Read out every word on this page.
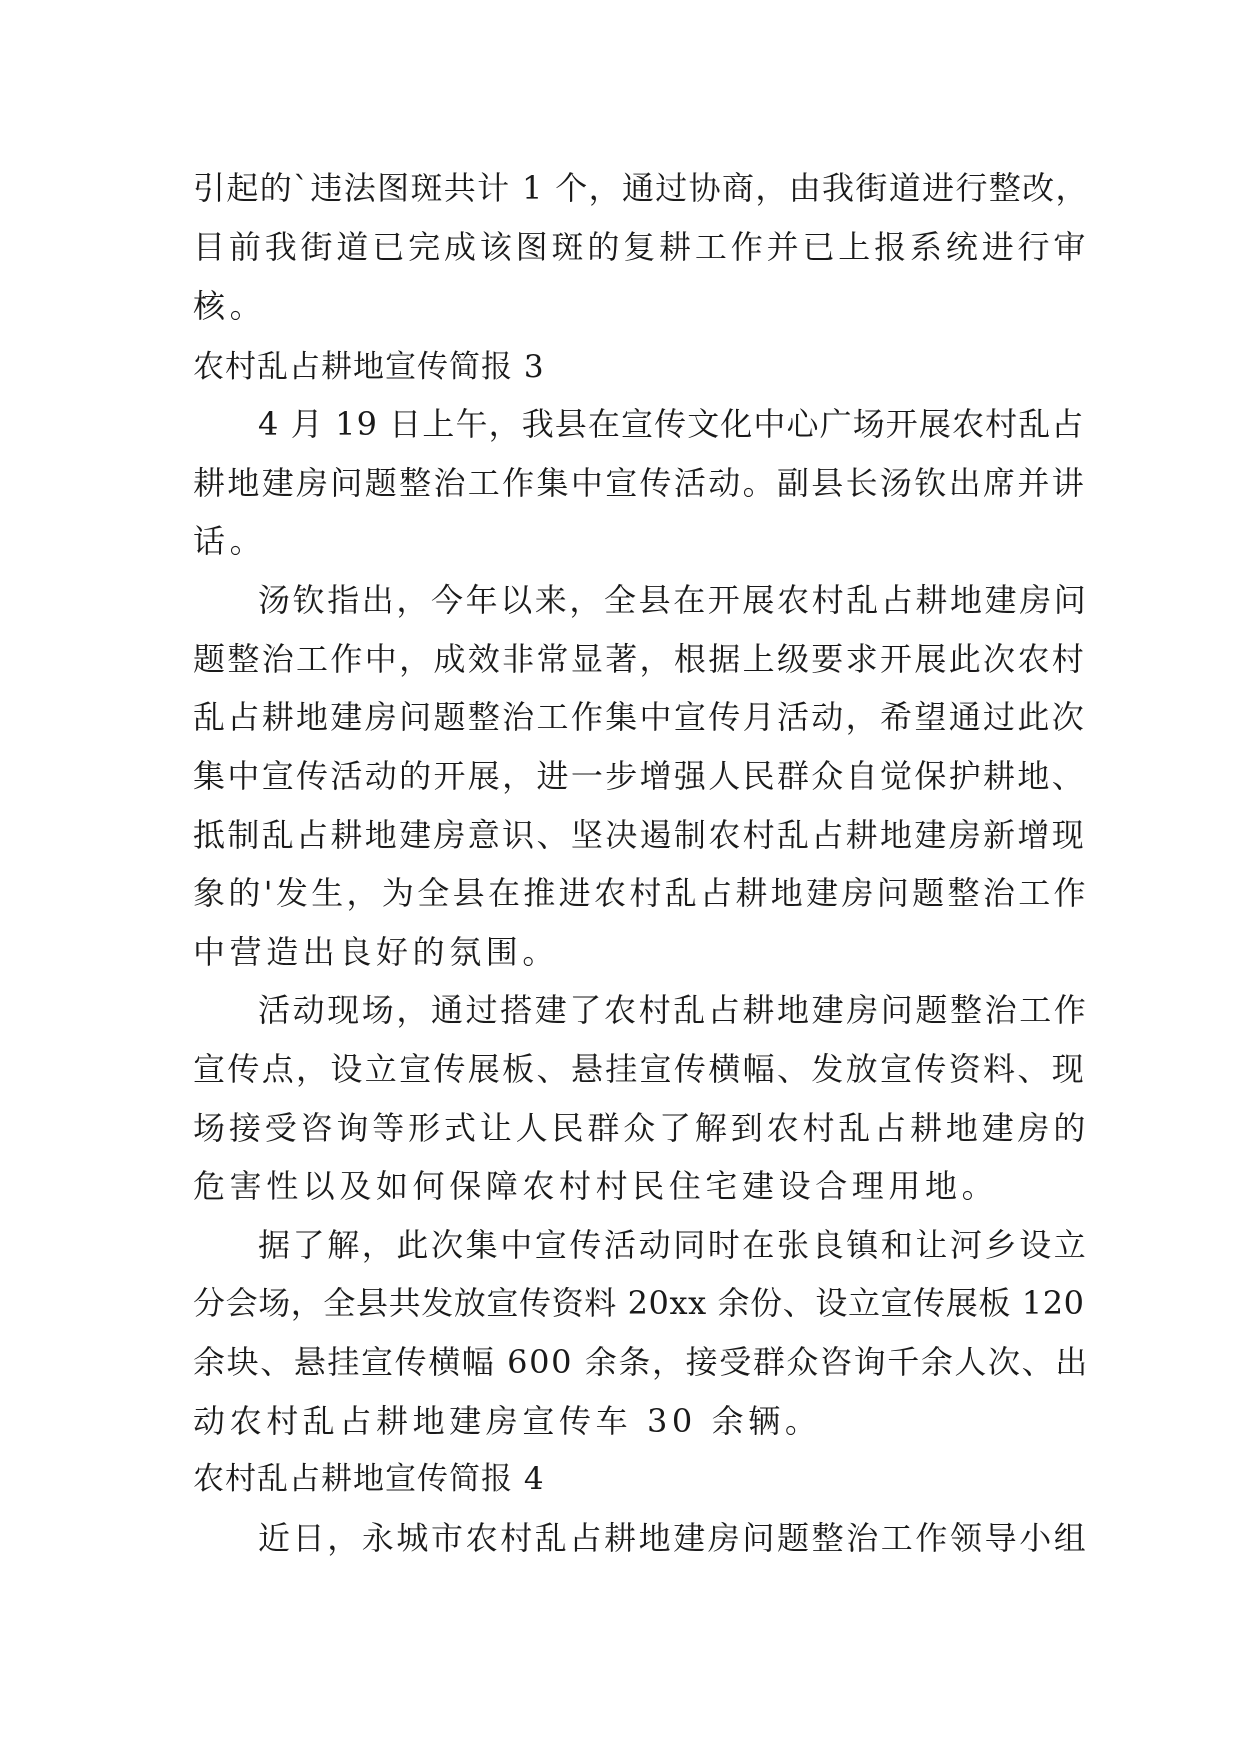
引起的`违法图斑共计 1 个，通过协商，由我街道进行整改，
目前我街道已完成该图斑的复耕工作并已上报系统进行审
核。
农村乱占耕地宣传简报 3
4 月 19 日上午，我县在宣传文化中心广场开展农村乱占
耕地建房问题整治工作集中宣传活动。副县长汤钦出席并讲
话。
汤钦指出，今年以来，全县在开展农村乱占耕地建房问
题整治工作中，成效非常显著，根据上级要求开展此次农村
乱占耕地建房问题整治工作集中宣传月活动，希望通过此次
集中宣传活动的开展，进一步增强人民群众自觉保护耕地、
抵制乱占耕地建房意识、坚决遏制农村乱占耕地建房新增现
象的'发生，为全县在推进农村乱占耕地建房问题整治工作
中营造出良好的氛围。
活动现场，通过搭建了农村乱占耕地建房问题整治工作
宣传点，设立宣传展板、悬挂宣传横幅、发放宣传资料、现
场接受咨询等形式让人民群众了解到农村乱占耕地建房的
危害性以及如何保障农村村民住宅建设合理用地。
据了解，此次集中宣传活动同时在张良镇和让河乡设立
分会场，全县共发放宣传资料 20xx 余份、设立宣传展板 120
余块、悬挂宣传横幅 600 余条，接受群众咨询千余人次、出
动农村乱占耕地建房宣传车 30 余辆。
农村乱占耕地宣传简报 4
近日，永城市农村乱占耕地建房问题整治工作领导小组
